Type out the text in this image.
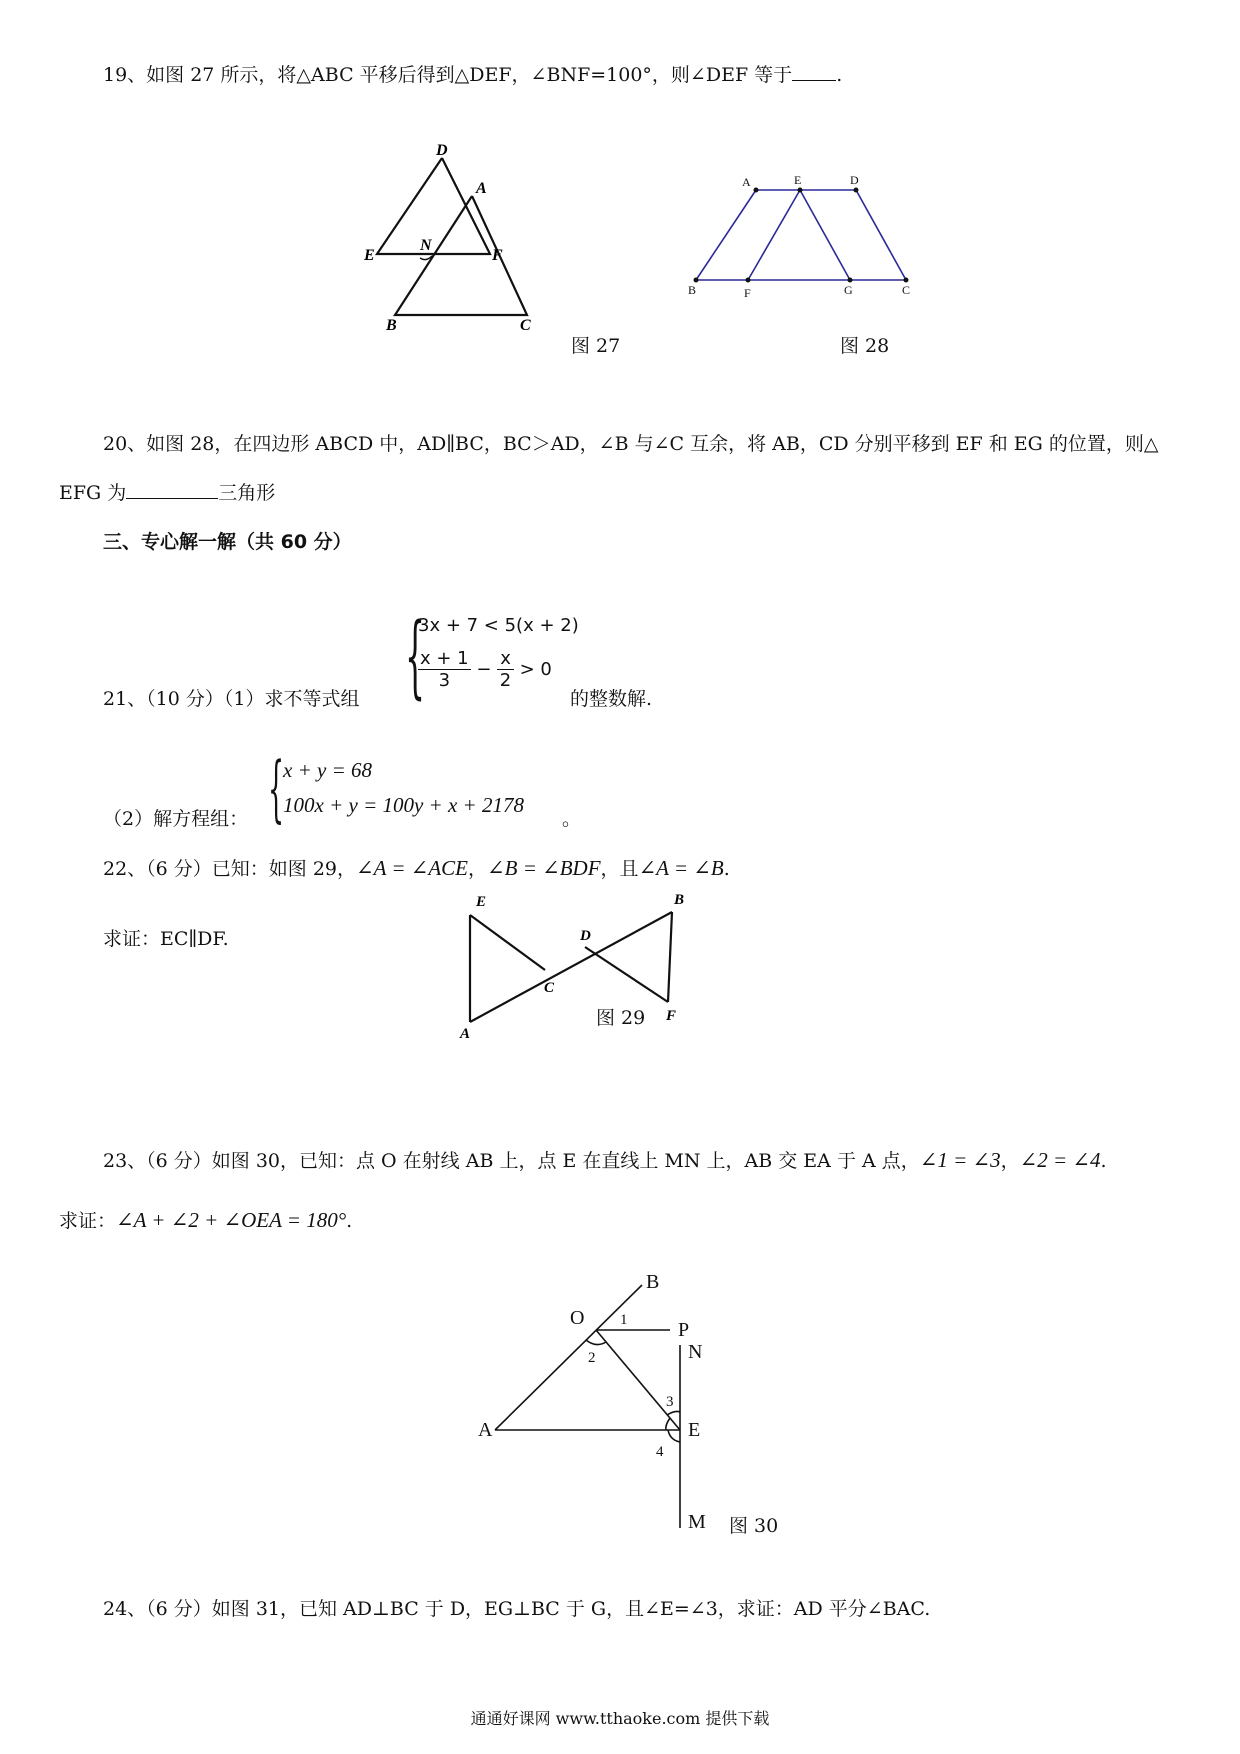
19、如图 27 所示，将△ABC 平移后得到△DEF，∠BNF=100°，则∠DEF 等于 .
D
A
E
N
F
B	C
图 27
A	E	D
B	F	G	C
图 28
20、如图 28，在四边形 ABCD 中，AD∥BC，BC＞AD，∠B 与∠C 互余，将 AB，CD 分别平移到 EF 和 EG 的位置，则△
EFG 为	三角形
三、专心解一解（共 60 分）
21、（10 分）（1）求不等式组 {
3x + 7 < 5(x + 2)
$\frac{x + 1}{3} - \frac{x}{2} > 0$
的整数解.
（2）解方程组： {
x + y = 68
100x + y = 100y + x + 2178
。
22、（6 分）已知：如图 29，∠A = ∠ACE，∠B = ∠BDF，且∠A = ∠B.
求证：EC∥DF.
E
A
C
D
B
F
图 29
23、（6 分）如图 30，已知：点 O 在射线 AB 上，点 E 在直线上 MN 上，AB 交 EA 于 A 点，∠1 = ∠3，∠2 = ∠4.
求证：∠A + ∠2 + ∠OEA = 180°.
B
O
P
N
A	E
M
1
2
3
4
图 30
24、（6 分）如图 31，已知 AD⊥BC 于 D，EG⊥BC 于 G，且∠E=∠3，求证：AD 平分∠BAC.
通通好课网 www.tthaoke.com 提供下载
